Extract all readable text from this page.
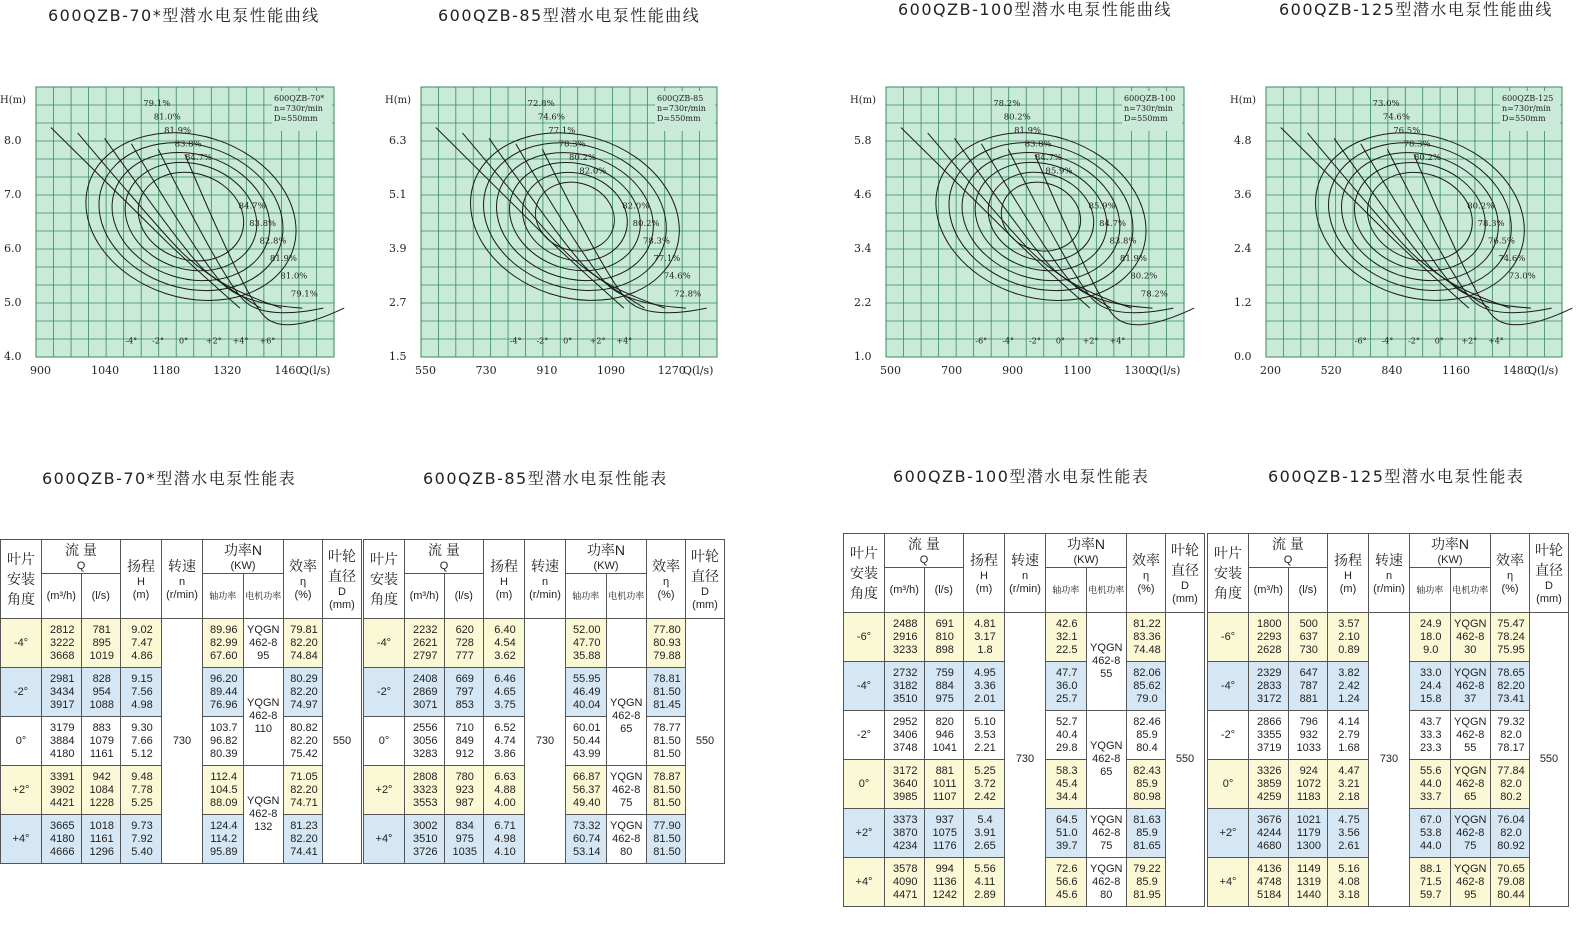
600QZB-70*型潜水电泵性能曲线	600QZB-85型潜水电泵性能曲线	600QZB-100型潜水电泵性能曲线	600QZB-125型潜水电泵性能曲线
600QZB-70*
n=730r/min
D=550mm
H(m)
Q(l/s)
900	1040	1180	1320	1460
4.0
5.0
6.0
7.0
8.0
-4° -2° 0° +2° +4° +6°
79.1%
81.0%
81.9%
83.8%
84.7%
84.7%
83.8%
82.8%
81.9%
81.0%
79.1%
600QZB-85
n=730r/min
D=550mm
H(m)
Q(l/s)
550	730	910	1090	1270
1.5
2.7
3.9
5.1
6.3
-4° -2° 0° +2° +4°
72.8%
74.6%
77.1%
78.3%
80.2%
82.0%
82.0%
80.2%
78.3%
77.1%
74.6%
72.8%
600QZB-100
n=730r/min
D=550mm
H(m)
Q(l/s)
500	700	900	1100	1300
1.0
2.2
3.4
4.6
5.8
-6° -4° -2° 0° +2° +4°
78.2%
80.2%
81.9%
83.8%
84.7%
85.9%
85.9%
84.7%
83.8%
81.9%
80.2%
78.2%
600QZB-125
n=730r/min
D=550mm
H(m)
Q(l/s)
200	520	840	1160	1480
0.0
1.2
2.4
3.6
4.8
-6° -4° -2° 0° +2° +4°
73.0%
74.6%
76.5%
78.3%
80.2%
80.2%
78.3%
76.5%
74.6%
73.0%
600QZB-70*型潜水电泵性能表	600QZB-85型潜水电泵性能表	600QZB-100型潜水电泵性能表	600QZB-125型潜水电泵性能表
叶片
安装
角度	流 量
Q		扬程
H
(m)	转速
n
(r/min)	功率N
(KW)		效率
η
(%)	叶轮
直径
D
(mm)
	(m³/h)	(l/s)			轴功率	电机功率		
-4°	2812
3222
3668	781
895
1019	9.02
7.47
4.86	730	89.96
82.99
67.60	YQGN
462-8
95	79.81
82.20
74.84	550
-2°	2981
3434
3917	828
954
1088	9.15
7.56
4.98		96.20
89.44
76.96	YQGN
462-8
110	80.29
82.20
74.97	
0°	3179
3884
4180	883
1079
1161	9.30
7.66
5.12		103.7
96.82
80.39		80.82
82.20
75.42	
+2°	3391
3902
4421	942
1084
1228	9.48
7.78
5.25		112.4
104.5
88.09	YQGN
462-8
132	71.05
82.20
74.71	
+4°	3665
4180
4666	1018
1161
1296	9.73
7.92
5.40		124.4
114.2
95.89		81.23
82.20
74.41	
叶片
安装
角度	流 量
Q		扬程
H
(m)	转速
n
(r/min)	功率N
(KW)		效率
η
(%)	叶轮
直径
D
(mm)
	(m³/h)	(l/s)			轴功率	电机功率		
-4°	2232
2621
2797	620
728
777	6.40
4.54
3.62	730	52.00
47.70
35.88		77.80
80.93
79.88	550
-2°	2408
2869
3071	669
797
853	6.46
4.65
3.75		55.95
46.49
40.04	YQGN
462-8
65	78.81
81.50
81.45	
0°	2556
3056
3283	710
849
912	6.52
4.74
3.86		60.01
50.44
43.99		78.77
81.50
81.50	
+2°	2808
3323
3553	780
923
987	6.63
4.88
4.00		66.87
56.37
49.40	YQGN
462-8
75	78.87
81.50
81.50	
+4°	3002
3510
3726	834
975
1035	6.71
4.98
4.10		73.32
60.74
53.14	YQGN
462-8
80	77.90
81.50
81.50	
叶片
安装
角度	流 量
Q		扬程
H
(m)	转速
n
(r/min)	功率N
(KW)		效率
η
(%)	叶轮
直径
D
(mm)
	(m³/h)	(l/s)			轴功率	电机功率		
-6°	2488
2916
3233	691
810
898	4.81
3.17
1.8	730	42.6
32.1
22.5	YQGN
462-8
55	81.22
83.36
74.48	550
-4°	2732
3182
3510	759
884
975	4.95
3.36
2.01		47.7
36.0
25.7		82.06
85.62
79.0	
-2°	2952
3406
3748	820
946
1041	5.10
3.53
2.21		52.7
40.4
29.8	YQGN
462-8
65	82.46
85.9
80.4	
0°	3172
3640
3985	881
1011
1107	5.25
3.72
2.42		58.3
45.4
34.4		82.43
85.9
80.98	
+2°	3373
3870
4234	937
1075
1176	5.4
3.91
2.65		64.5
51.0
39.7	YQGN
462-8
75	81.63
85.9
81.65	
+4°	3578
4090
4471	994
1136
1242	5.56
4.11
2.89		72.6
56.6
45.6	YQGN
462-8
80	79.22
85.9
81.95	
叶片
安装
角度	流 量
Q		扬程
H
(m)	转速
n
(r/min)	功率N
(KW)		效率
η
(%)	叶轮
直径
D
(mm)
	(m³/h)	(l/s)			轴功率	电机功率		
-6°	1800
2293
2628	500
637
730	3.57
2.10
0.89	730	24.9
18.0
9.0	YQGN
462-8
30	75.47
78.24
75.95	550
-4°	2329
2833
3172	647
787
881	3.82
2.42
1.24		33.0
24.4
15.8	YQGN
462-8
37	78.65
82.20
73.41	
-2°	2866
3355
3719	796
932
1033	4.14
2.79
1.68		43.7
33.3
23.3	YQGN
462-8
55	79.32
82.0
78.17	
0°	3326
3859
4259	924
1072
1183	4.47
3.21
2.18		55.6
44.0
33.7	YQGN
462-8
65	77.84
82.0
80.2	
+2°	3676
4244
4680	1021
1179
1300	4.75
3.56
2.61		67.0
53.8
44.0	YQGN
462-8
75	76.04
82.0
80.92	
+4°	4136
4748
5184	1149
1319
1440	5.16
4.08
3.18		88.1
71.5
59.7	YQGN
462-8
95	70.65
79.08
80.44	
